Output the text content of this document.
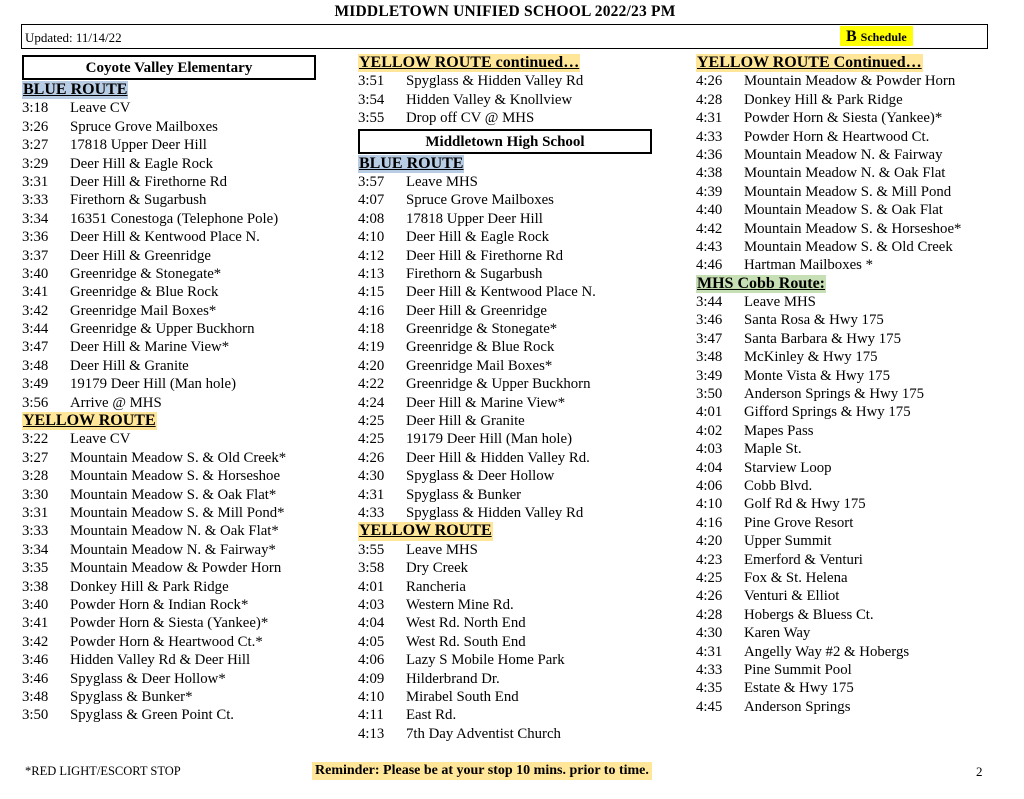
MIDDLETOWN UNIFIED SCHOOL 2022/23 PM
Updated: 11/14/22	B Schedule
Coyote Valley Elementary
BLUE ROUTE
3:18 Leave CV
3:26 Spruce Grove Mailboxes
3:27 17818 Upper Deer Hill
3:29 Deer Hill & Eagle Rock
3:31 Deer Hill & Firethorne Rd
3:33 Firethorn & Sugarbush
3:34 16351 Conestoga (Telephone Pole)
3:36 Deer Hill & Kentwood Place N.
3:37 Deer Hill & Greenridge
3:40 Greenridge & Stonegate*
3:41 Greenridge & Blue Rock
3:42 Greenridge Mail Boxes*
3:44 Greenridge & Upper Buckhorn
3:47 Deer Hill & Marine View*
3:48 Deer Hill & Granite
3:49 19179 Deer Hill (Man hole)
3:56 Arrive @ MHS
YELLOW ROUTE
3:22 Leave CV
3:27 Mountain Meadow S. & Old Creek*
3:28 Mountain Meadow S. & Horseshoe
3:30 Mountain Meadow S. & Oak Flat*
3:31 Mountain Meadow S. & Mill Pond*
3:33 Mountain Meadow N. & Oak Flat*
3:34 Mountain Meadow N. & Fairway*
3:35 Mountain Meadow & Powder Horn
3:38 Donkey Hill & Park Ridge
3:40 Powder Horn & Indian Rock*
3:41 Powder Horn & Siesta (Yankee)*
3:42 Powder Horn & Heartwood Ct.*
3:46 Hidden Valley Rd & Deer Hill
3:46 Spyglass & Deer Hollow*
3:48 Spyglass & Bunker*
3:50 Spyglass & Green Point Ct.
YELLOW ROUTE continued…
3:51 Spyglass & Hidden Valley Rd
3:54 Hidden Valley & Knollview
3:55 Drop off CV @ MHS
Middletown High School
BLUE ROUTE
3:57 Leave MHS
4:07 Spruce Grove Mailboxes
4:08 17818 Upper Deer Hill
4:10 Deer Hill & Eagle Rock
4:12 Deer Hill & Firethorne Rd
4:13 Firethorn & Sugarbush
4:15 Deer Hill & Kentwood Place N.
4:16 Deer Hill & Greenridge
4:18 Greenridge & Stonegate*
4:19 Greenridge & Blue Rock
4:20 Greenridge Mail Boxes*
4:22 Greenridge & Upper Buckhorn
4:24 Deer Hill & Marine View*
4:25 Deer Hill & Granite
4:25 19179 Deer Hill (Man hole)
4:26 Deer Hill & Hidden Valley Rd.
4:30 Spyglass & Deer Hollow
4:31 Spyglass & Bunker
4:33 Spyglass & Hidden Valley Rd
YELLOW ROUTE
3:55 Leave MHS
3:58 Dry Creek
4:01 Rancheria
4:03 Western Mine Rd.
4:04 West Rd. North End
4:05 West Rd. South End
4:06 Lazy S Mobile Home Park
4:09 Hilderbrand Dr.
4:10 Mirabel South End
4:11 East Rd.
4:13 7th Day Adventist Church
YELLOW ROUTE Continued…
4:26 Mountain Meadow & Powder Horn
4:28 Donkey Hill & Park Ridge
4:31 Powder Horn & Siesta (Yankee)*
4:33 Powder Horn & Heartwood Ct.
4:36 Mountain Meadow N. & Fairway
4:38 Mountain Meadow N. & Oak Flat
4:39 Mountain Meadow S. & Mill Pond
4:40 Mountain Meadow S. & Oak Flat
4:42 Mountain Meadow S. & Horseshoe*
4:43 Mountain Meadow S. & Old Creek
4:46 Hartman Mailboxes *
MHS Cobb Route:
3:44 Leave MHS
3:46 Santa Rosa & Hwy 175
3:47 Santa Barbara & Hwy 175
3:48 McKinley & Hwy 175
3:49 Monte Vista & Hwy 175
3:50 Anderson Springs & Hwy 175
4:01 Gifford Springs & Hwy 175
4:02 Mapes Pass
4:03 Maple St.
4:04 Starview Loop
4:06 Cobb Blvd.
4:10 Golf Rd & Hwy 175
4:16 Pine Grove Resort
4:20 Upper Summit
4:23 Emerford & Venturi
4:25 Fox & St. Helena
4:26 Venturi & Elliot
4:28 Hobergs & Bluess Ct.
4:30 Karen Way
4:31 Angelly Way #2 & Hobergs
4:33 Pine Summit Pool
4:35 Estate & Hwy 175
4:45 Anderson Springs
*RED LIGHT/ESCORT STOP	Reminder: Please be at your stop 10 mins. prior to time.	2
